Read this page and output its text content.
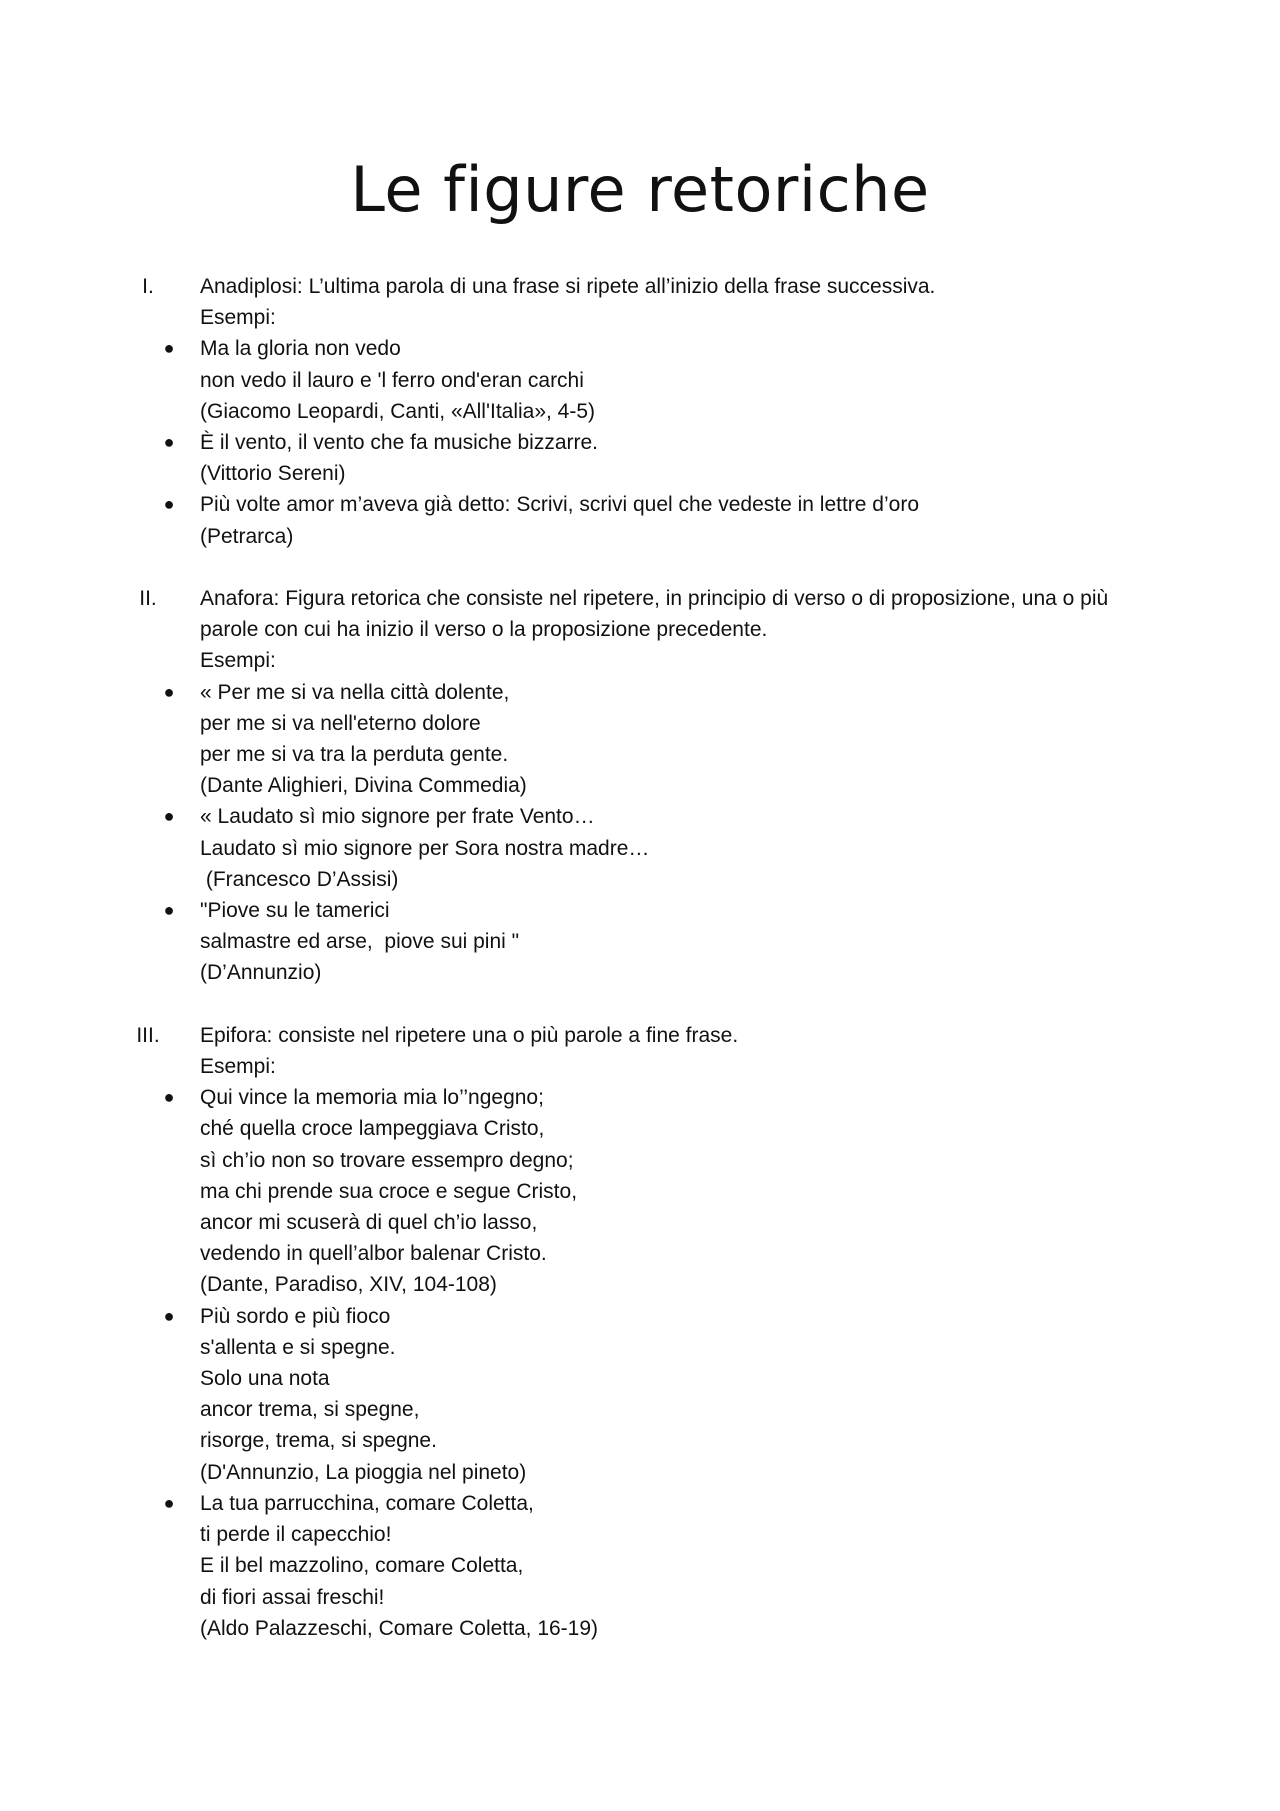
Le figure retoriche
I.	Anadiplosi: L’ultima parola di una frase si ripete all’inizio della frase successiva.
Esempi:
● Ma la gloria non vedo
non vedo il lauro e 'l ferro ond'eran carchi
(Giacomo Leopardi, Canti, «All'Italia», 4-5)
● È il vento, il vento che fa musiche bizzarre.
(Vittorio Sereni)
● Più volte amor m’aveva già detto: Scrivi, scrivi quel che vedeste in lettre d’oro
(Petrarca)
II.	Anafora: Figura retorica che consiste nel ripetere, in principio di verso o di proposizione, una o più parole con cui ha inizio il verso o la proposizione precedente.
Esempi:
● « Per me si va nella città dolente,
per me si va nell'eterno dolore
per me si va tra la perduta gente.
(Dante Alighieri, Divina Commedia)
● « Laudato sì mio signore per frate Vento…
Laudato sì mio signore per Sora nostra madre…
(Francesco D’Assisi)
● "Piove su le tamerici
salmastre ed arse,  piove sui pini "
(D’Annunzio)
III.	Epifora: consiste nel ripetere una o più parole a fine frase.
Esempi:
● Qui vince la memoria mia lo’’ngegno;
ché quella croce lampeggiava Cristo,
sì ch’io non so trovare essempro degno;
ma chi prende sua croce e segue Cristo,
ancor mi scuserà di quel ch’io lasso,
vedendo in quell’albor balenar Cristo.
(Dante, Paradiso, XIV, 104-108)
● Più sordo e più fioco
s'allenta e si spegne.
Solo una nota
ancor trema, si spegne,
risorge, trema, si spegne.
(D'Annunzio, La pioggia nel pineto)
● La tua parrucchina, comare Coletta,
ti perde il capecchio!
E il bel mazzolino, comare Coletta,
di fiori assai freschi!
(Aldo Palazzeschi, Comare Coletta, 16-19)
